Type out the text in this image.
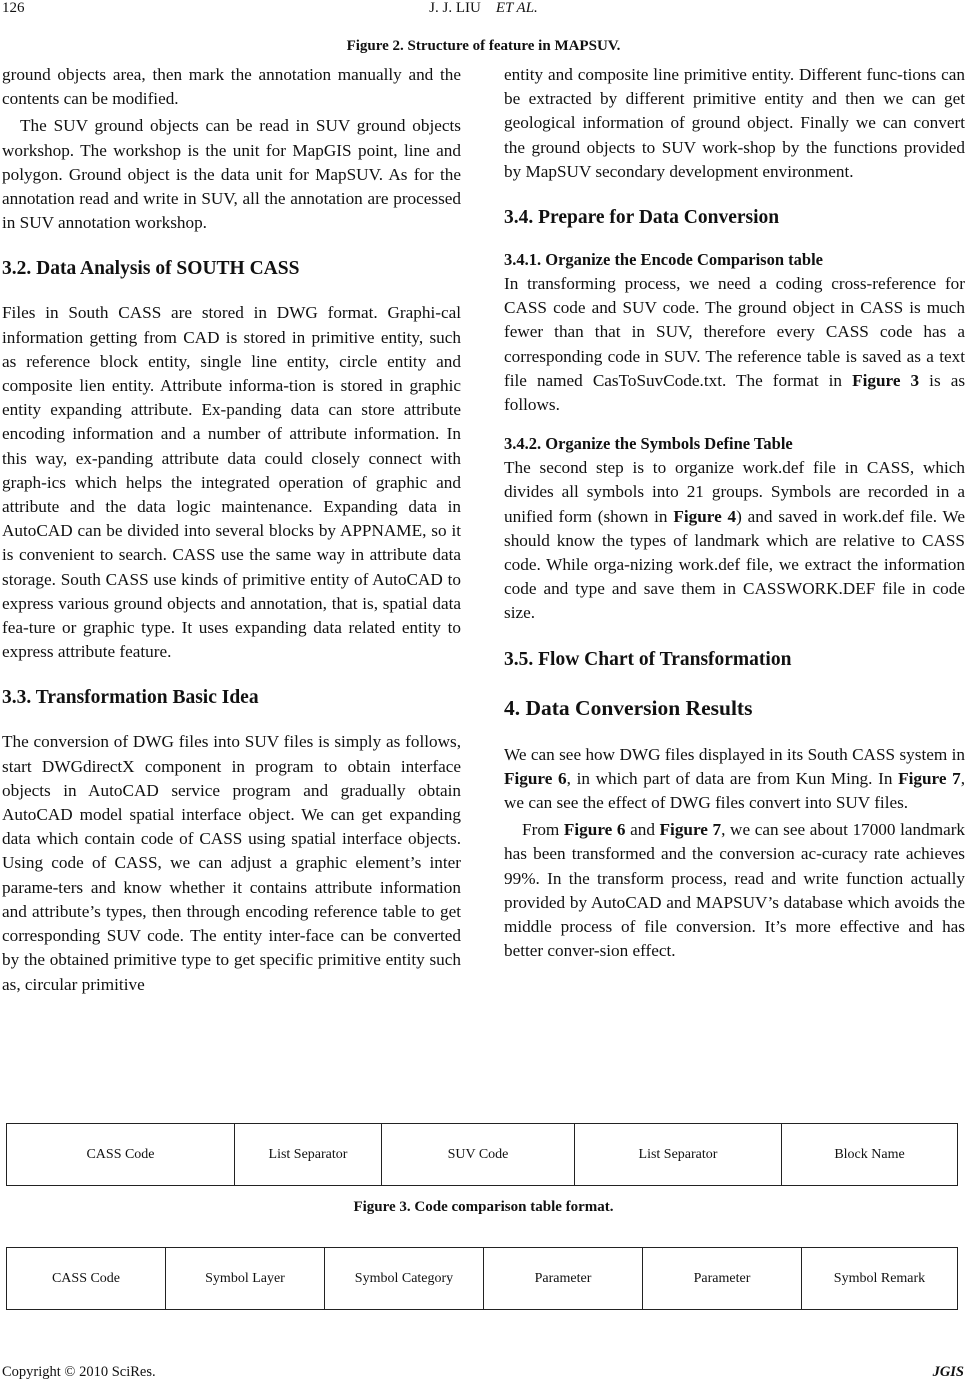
126	J. J. LIU ET AL.
Figure 2. Structure of feature in MAPSUV.

ground objects area, then mark the annotation manually and the contents can be modified.

The SUV ground objects can be read in SUV ground objects workshop. The workshop is the unit for MapGIS point, line and polygon. Ground object is the data unit for MapSUV. As for the annotation read and write in SUV, all the annotation are processed in SUV annotation workshop.

3.2. Data Analysis of SOUTH CASS

Files in South CASS are stored in DWG format. Graphi-cal information getting from CAD is stored in primitive entity, such as reference block entity, single line entity, circle entity and composite lien entity. Attribute informa-tion is stored in graphic entity expanding attribute. Ex-panding data can store attribute encoding information and a number of attribute information. In this way, ex-panding attribute data could closely connect with graph-ics which helps the integrated operation of graphic and attribute and the data logic maintenance. Expanding data in AutoCAD can be divided into several blocks by APPNAME, so it is convenient to search. CASS use the same way in attribute data storage. South CASS use kinds of primitive entity of AutoCAD to express various ground objects and annotation, that is, spatial data fea-ture or graphic type. It uses expanding data related entity to express attribute feature.

3.3. Transformation Basic Idea

The conversion of DWG files into SUV files is simply as follows, start DWGdirectX component in program to obtain interface objects in AutoCAD service program and gradually obtain AutoCAD model spatial interface object. We can get expanding data which contain code of CASS using spatial interface objects. Using code of CASS, we can adjust a graphic element’s inter parame-ters and know whether it contains attribute information and attribute’s types, then through encoding reference table to get corresponding SUV code. The entity inter-face can be converted by the obtained primitive type to get specific primitive entity such as, circular primitive

entity and composite line primitive entity. Different func-tions can be extracted by different primitive entity and then we can get geological information of ground object. Finally we can convert the ground objects to SUV work-shop by the functions provided by MapSUV secondary development environment.

3.4. Prepare for Data Conversion
3.4.1. Organize the Encode Comparison table

In transforming process, we need a coding cross-reference for CASS code and SUV code. The ground object in CASS is much fewer than that in SUV, therefore every CASS code has a corresponding code in SUV. The reference table is saved as a text file named CasToSuvCode.txt. The format in Figure 3 is as follows.

3.4.2. Organize the Symbols Define Table

The second step is to organize work.def file in CASS, which divides all symbols into 21 groups. Symbols are recorded in a unified form (shown in Figure 4) and saved in work.def file. We should know the types of landmark which are relative to CASS code. While orga-nizing work.def file, we extract the information code and type and save them in CASSWORK.DEF file in code size.

3.5. Flow Chart of Transformation
4. Data Conversion Results

We can see how DWG files displayed in its South CASS system in Figure 6, in which part of data are from Kun Ming. In Figure 7, we can see the effect of DWG files convert into SUV files.

From Figure 6 and Figure 7, we can see about 17000 landmark has been transformed and the conversion ac-curacy rate achieves 99%. In the transform process, read and write function actually provided by AutoCAD and MAPSUV’s database which avoids the middle process of file conversion. It’s more effective and has better conver-sion effect.

CASS Code	List Separator	SUV Code	List Separator	Block Name
Figure 3. Code comparison table format.
CASS Code	Symbol Layer	Symbol Category	Parameter	Parameter	Symbol Remark
Copyright © 2010 SciRes.	JGIS
